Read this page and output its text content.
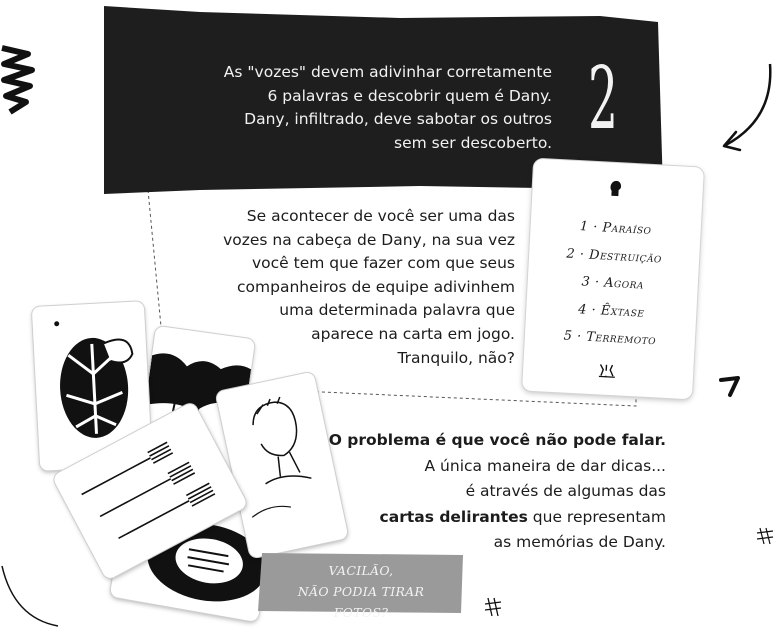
As "vozes" devem adivinhar corretamente
6 palavras e descobrir quem é Dany.
Dany, infiltrado, deve sabotar os outros
sem ser descoberto. 2
Se acontecer de você ser uma das
vozes na cabeça de Dany, na sua vez
você tem que fazer com que seus
companheiros de equipe adivinhem
uma determinada palavra que
aparece na carta em jogo.
Tranquilo, não?
1 · Paraíso
2 · Destruição
3 · Agora
4 · Êxtase
5 · Terremoto
O problema é que você não pode falar.
A única maneira de dar dicas...
é através de algumas das
cartas delirantes que representam
as memórias de Dany.
VACILÃO,
NÃO PODIA TIRAR FOTOS?
